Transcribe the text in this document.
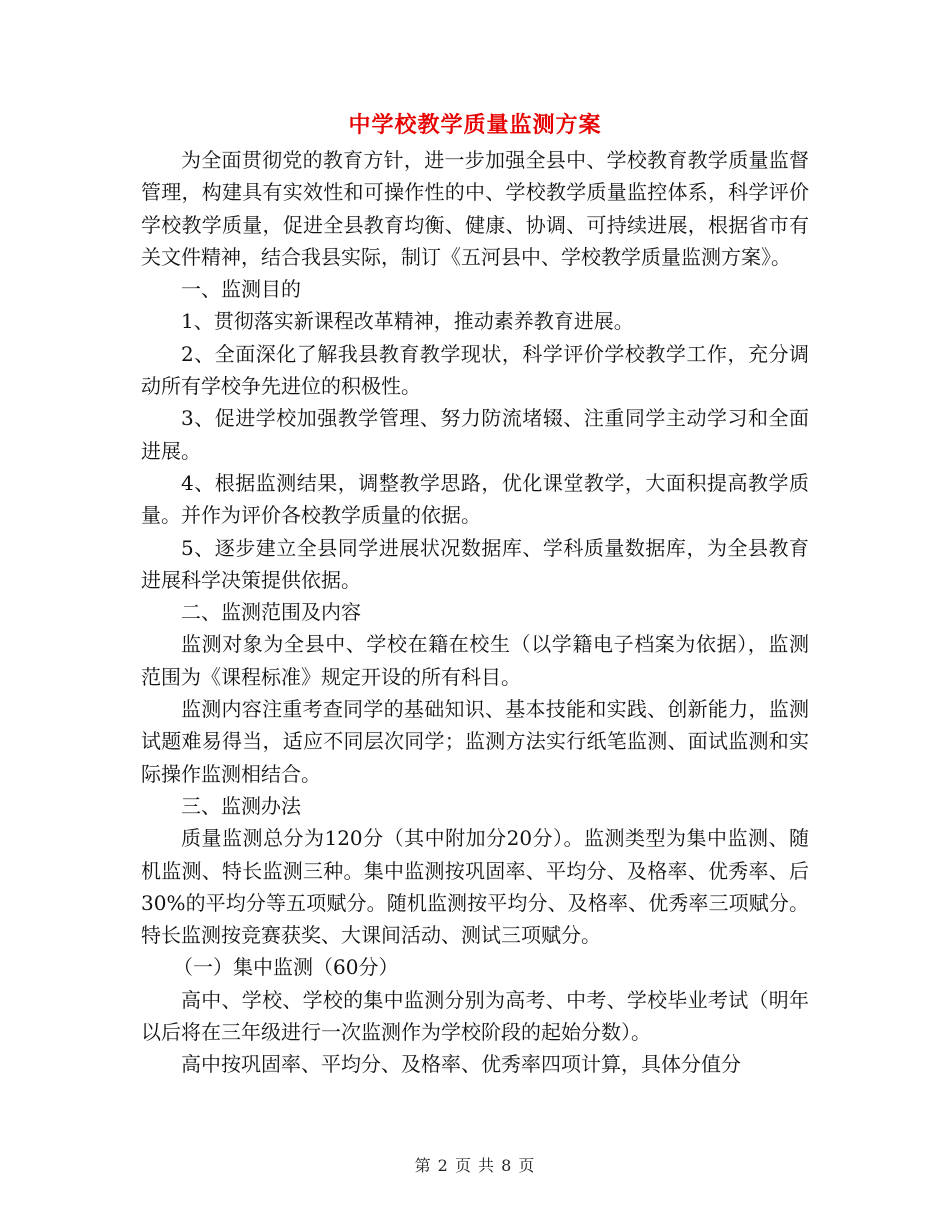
中学校教学质量监测方案

为全面贯彻党的教育方针，进一步加强全县中、学校教育教学质量监督管理，构建具有实效性和可操作性的中、学校教学质量监控体系，科学评价学校教学质量，促进全县教育均衡、健康、协调、可持续进展，根据省市有关文件精神，结合我县实际，制订《五河县中、学校教学质量监测方案》。

一、监测目的

1、贯彻落实新课程改革精神，推动素养教育进展。

2、全面深化了解我县教育教学现状，科学评价学校教学工作，充分调动所有学校争先进位的积极性。

3、促进学校加强教学管理、努力防流堵辍、注重同学主动学习和全面进展。

4、根据监测结果，调整教学思路，优化课堂教学，大面积提高教学质量。并作为评价各校教学质量的依据。

5、逐步建立全县同学进展状况数据库、学科质量数据库，为全县教育进展科学决策提供依据。

二、监测范围及内容

监测对象为全县中、学校在籍在校生（以学籍电子档案为依据），监测范围为《课程标准》规定开设的所有科目。

监测内容注重考查同学的基础知识、基本技能和实践、创新能力，监测试题难易得当，适应不同层次同学；监测方法实行纸笔监测、面试监测和实际操作监测相结合。

三、监测办法

质量监测总分为120分（其中附加分20分）。监测类型为集中监测、随机监测、特长监测三种。集中监测按巩固率、平均分、及格率、优秀率、后30%的平均分等五项赋分。随机监测按平均分、及格率、优秀率三项赋分。特长监测按竞赛获奖、大课间活动、测试三项赋分。

（一）集中监测（60分）

高中、学校、学校的集中监测分别为高考、中考、学校毕业考试（明年以后将在三年级进行一次监测作为学校阶段的起始分数）。

高中按巩固率、平均分、及格率、优秀率四项计算，具体分值分

第 2 页 共 8 页
